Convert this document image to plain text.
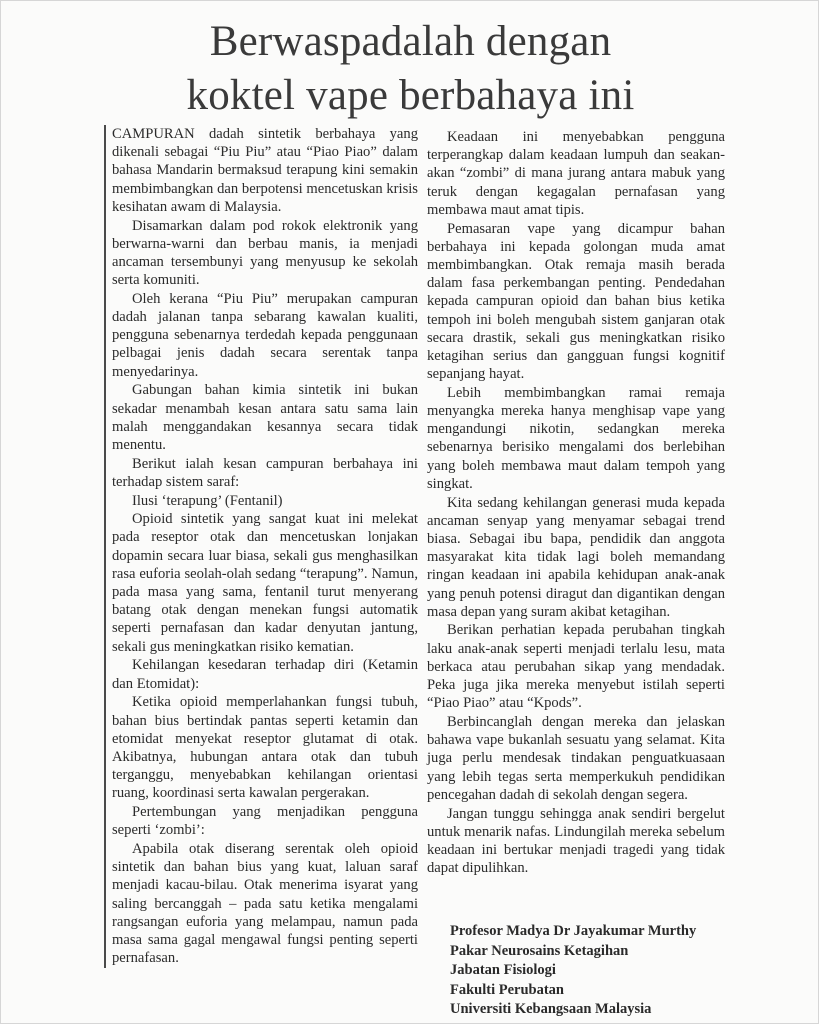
Berwaspadalah dengan
koktel vape berbahaya ini

CAMPURAN dadah sintetik berbahaya yang dikenali sebagai “Piu Piu” atau “Piao Piao” dalam bahasa Mandarin bermaksud terapung kini semakin membimbangkan dan berpotensi mencetuskan krisis kesihatan awam di Malaysia.

Disamarkan dalam pod rokok elektronik yang berwarna-warni dan berbau manis, ia menjadi ancaman tersembunyi yang menyusup ke sekolah serta komuniti.

Oleh kerana “Piu Piu” merupakan campuran dadah jalanan tanpa sebarang kawalan kualiti, pengguna sebenarnya terdedah kepada penggunaan pelbagai jenis dadah secara serentak tanpa menyedarinya.

Gabungan bahan kimia sintetik ini bukan sekadar menambah kesan antara satu sama lain malah menggandakan kesannya secara tidak menentu.

Berikut ialah kesan campuran berbahaya ini terhadap sistem saraf:

Ilusi ‘terapung’ (Fentanil)

Opioid sintetik yang sangat kuat ini melekat pada reseptor otak dan mencetuskan lonjakan dopamin secara luar biasa, sekali gus menghasilkan rasa euforia seolah-olah sedang “terapung”. Namun, pada masa yang sama, fentanil turut menyerang batang otak dengan menekan fungsi automatik seperti pernafasan dan kadar denyutan jantung, sekali gus meningkatkan risiko kematian.

Kehilangan kesedaran terhadap diri (Ketamin dan Etomidat):

Ketika opioid memperlahankan fungsi tubuh, bahan bius bertindak pantas seperti ketamin dan etomidat menyekat reseptor glutamat di otak. Akibatnya, hubungan antara otak dan tubuh terganggu, menyebabkan kehilangan orientasi ruang, koordinasi serta kawalan pergerakan.

Pertembungan yang menjadikan pengguna seperti ‘zombi’:

Apabila otak diserang serentak oleh opioid sintetik dan bahan bius yang kuat, laluan saraf menjadi kacau-bilau. Otak menerima isyarat yang saling bercanggah – pada satu ketika mengalami rangsangan euforia yang melampau, namun pada masa sama gagal mengawal fungsi penting seperti pernafasan.

Keadaan ini menyebabkan pengguna terperangkap dalam keadaan lumpuh dan seakan-akan “zombi” di mana jurang antara mabuk yang teruk dengan kegagalan pernafasan yang membawa maut amat tipis.

Pemasaran vape yang dicampur bahan berbahaya ini kepada golongan muda amat membimbangkan. Otak remaja masih berada dalam fasa perkembangan penting. Pendedahan kepada campuran opioid dan bahan bius ketika tempoh ini boleh mengubah sistem ganjaran otak secara drastik, sekali gus meningkatkan risiko ketagihan serius dan gangguan fungsi kognitif sepanjang hayat.

Lebih membimbangkan ramai remaja menyangka mereka hanya menghisap vape yang mengandungi nikotin, sedangkan mereka sebenarnya berisiko mengalami dos berlebihan yang boleh membawa maut dalam tempoh yang singkat.

Kita sedang kehilangan generasi muda kepada ancaman senyap yang menyamar sebagai trend biasa. Sebagai ibu bapa, pendidik dan anggota masyarakat kita tidak lagi boleh memandang ringan keadaan ini apabila kehidupan anak-anak yang penuh potensi diragut dan digantikan dengan masa depan yang suram akibat ketagihan.

Berikan perhatian kepada perubahan tingkah laku anak-anak seperti menjadi terlalu lesu, mata berkaca atau perubahan sikap yang mendadak. Peka juga jika mereka menyebut istilah seperti “Piao Piao” atau “Kpods”.

Berbincanglah dengan mereka dan jelaskan bahawa vape bukanlah sesuatu yang selamat. Kita juga perlu mendesak tindakan penguatkuasaan yang lebih tegas serta memperkukuh pendidikan pencegahan dadah di sekolah dengan segera.

Jangan tunggu sehingga anak sendiri bergelut untuk menarik nafas. Lindungilah mereka sebelum keadaan ini bertukar menjadi tragedi yang tidak dapat dipulihkan.

Profesor Madya Dr Jayakumar Murthy
Pakar Neurosains Ketagihan
Jabatan Fisiologi
Fakulti Perubatan
Universiti Kebangsaan Malaysia
